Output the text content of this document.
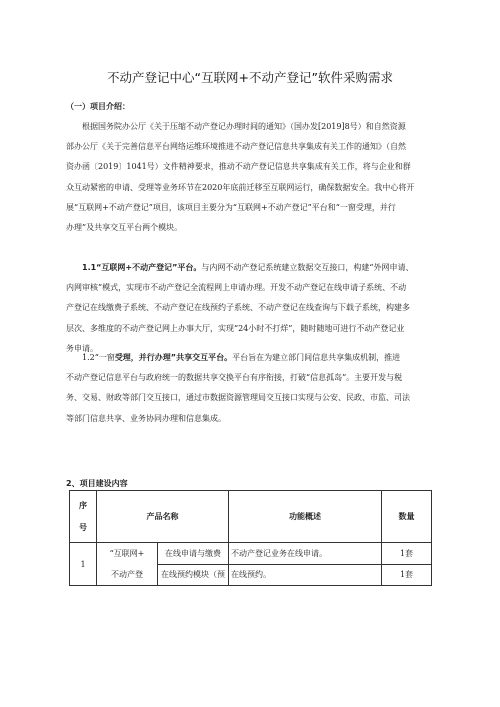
不动产登记中心“互联网+不动产登记”软件采购需求
（一）项目介绍：
根据国务院办公厅《关于压缩不动产登记办理时间的通知》（国办发[2019]8号）和自然资源
部办公厅《关于完善信息平台网络运维环境推进不动产登记信息共享集成有关工作的通知》（自然
资办函〔2019〕1041号）文件精神要求，推动不动产登记信息共享集成有关工作，将与企业和群
众互动紧密的申请、受理等业务环节在2020年底前迁移至互联网运行，确保数据安全。我中心将开
展“互联网+不动产登记”项目，该项目主要分为“互联网+不动产登记”平台和“一窗受理，并行
办理”及共享交互平台两个模块。
1.1“互联网+不动产登记”平台。与内网不动产登记系统建立数据交互接口，构建“外网申请、
内网审核”模式，实现市不动产登记全流程网上申请办理。开发不动产登记在线申请子系统、不动
产登记在线缴费子系统、不动产登记在线预约子系统、不动产登记在线查询与下载子系统，构建多
层次、多维度的不动产登记网上办事大厅，实现“24小时不打烊”，随时随地可进行不动产登记业
务申请。
1.2“一窗受理，并行办理”共享交互平台。平台旨在为建立部门间信息共享集成机制，推进
不动产登记信息平台与政府统一的数据共享交换平台有序衔接，打破“信息孤岛”。主要开发与税
务、交易、财政等部门交互接口，通过市数据资源管理局交互接口实现与公安、民政、市监、司法
等部门信息共享、业务协同办理和信息集成。
2、项目建设内容
序
号	产品名称		功能概述	数量
1	“互联网+
不动产登	在线申请与缴费	不动产登记业务在线申请。	1套
		在线预约模块（预	在线预约。	1套
